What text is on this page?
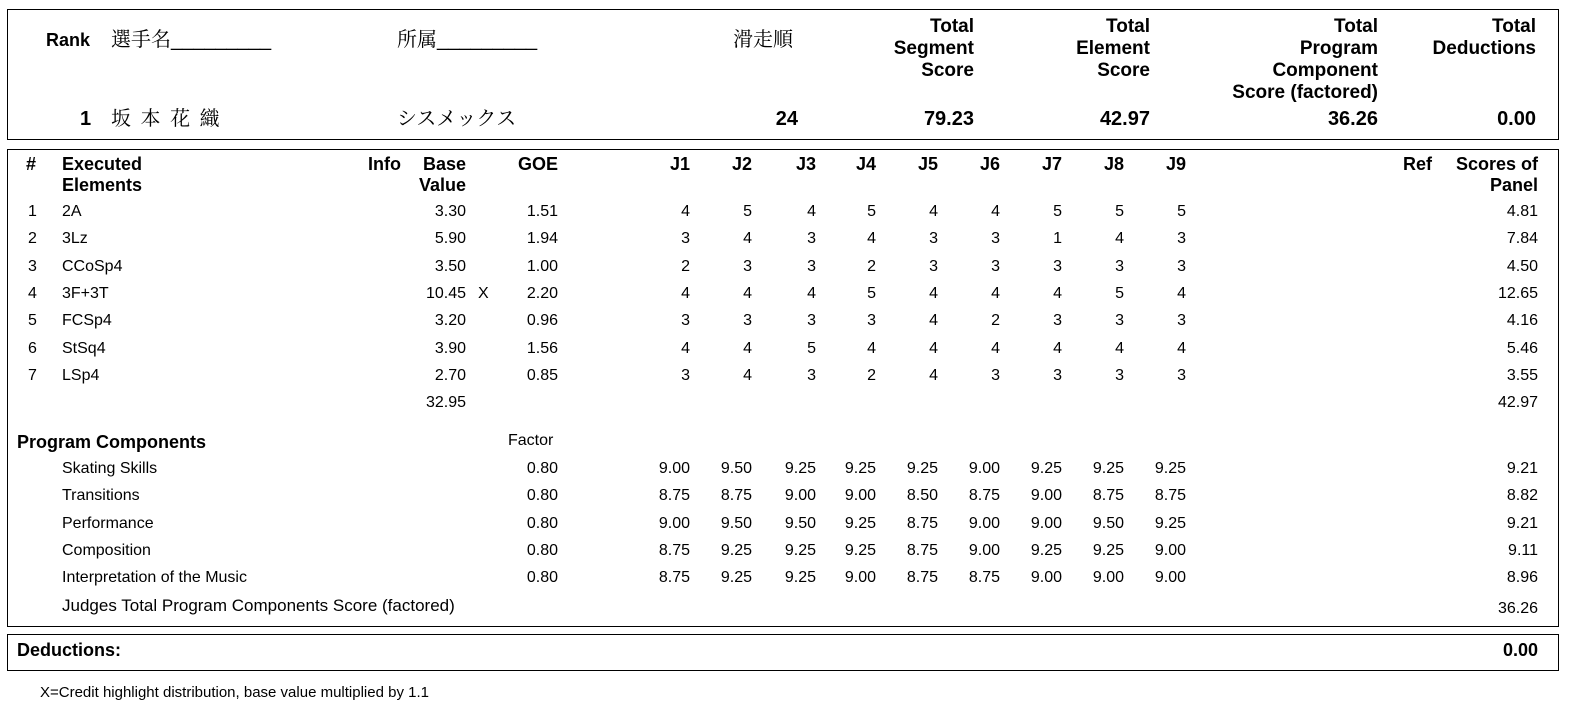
Rank 選手名_________	所属_________	滑走順
Total
Segment
Score
Total
Element
Score
Total
Program
Component
Score (factored)
Total
Deductions
1 坂 本 花 織	シスメックス	24	79.23	42.97	36.26	0.00
# Executed
Elements
Info	Base
Value
GOE	J1	J2	J3	J4	J5	J6	J7	J8	J9	Ref	Scores of
Panel
1 2A	3.30	1.51	4	5	4	5	4	4	5	5	5	4.81
2 3Lz	5.90	1.94	3	4	3	4	3	3	1	4	3	7.84
3 CCoSp4	3.50	1.00	2	3	3	2	3	3	3	3	3	4.50
4 3F+3T	10.45 X	2.20	4	4	4	5	4	4	4	5	4	12.65
5 FCSp4	3.20	0.96	3	3	3	3	4	2	3	3	3	4.16
6 StSq4	3.90	1.56	4	4	5	4	4	4	4	4	4	5.46
7 LSp4	2.70	0.85	3	4	3	2	4	3	3	3	3	3.55
32.95	42.97
Program Components	Factor
Skating Skills	0.80	9.00	9.50	9.25	9.25	9.25	9.00	9.25	9.25	9.25	9.21
Transitions	0.80	8.75	8.75	9.00	9.00	8.50	8.75	9.00	8.75	8.75	8.82
Performance	0.80	9.00	9.50	9.50	9.25	8.75	9.00	9.00	9.50	9.25	9.21
Composition	0.80	8.75	9.25	9.25	9.25	8.75	9.00	9.25	9.25	9.00	9.11
Interpretation of the Music	0.80	8.75	9.25	9.25	9.00	8.75	8.75	9.00	9.00	9.00	8.96
Judges Total Program Components Score (factored)	36.26
Deductions:	0.00
X=Credit highlight distribution, base value multiplied by 1.1
